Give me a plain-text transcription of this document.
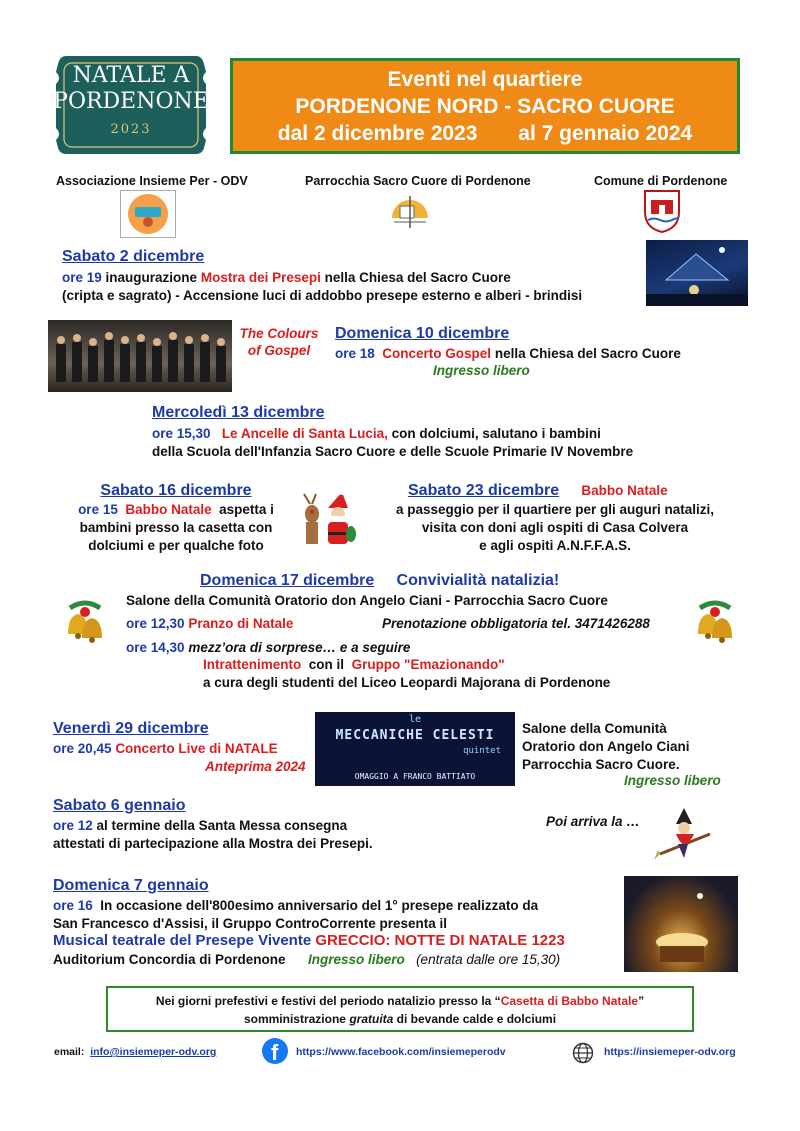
NATALE A
PORDENONE
2023
Eventi nel quartiere
PORDENONE NORD - SACRO CUORE
dal 2 dicembre 2023 al 7 gennaio 2024
Associazione Insieme Per - ODV	Parrocchia Sacro Cuore di Pordenone	Comune di Pordenone
Sabato 2 dicembre
ore 19 inaugurazione Mostra dei Presepi nella Chiesa del Sacro Cuore
(cripta e sagrato) - Accensione luci di addobbo presepe esterno e alberi - brindisi
The Colours of Gospel
Domenica 10 dicembre
ore 18 Concerto Gospel nella Chiesa del Sacro Cuore
Ingresso libero
Mercoledì 13 dicembre
ore 15,30 Le Ancelle di Santa Lucia, con dolciumi, salutano i bambini
della Scuola dell'Infanzia Sacro Cuore e delle Scuole Primarie IV Novembre
Sabato 16 dicembre
ore 15 Babbo Natale aspetta i
bambini presso la casetta con
dolciumi e per qualche foto
Sabato 23 dicembre Babbo Natale
a passeggio per il quartiere per gli auguri natalizi,
visita con doni agli ospiti di Casa Colvera
e agli ospiti A.N.F.F.A.S.
Domenica 17 dicembre Convivialità natalizia!
Salone della Comunità Oratorio don Angelo Ciani - Parrocchia Sacro Cuore
ore 12,30 Pranzo di Natale	Prenotazione obbligatoria tel. 3471426288
ore 14,30 mezz’ora di sorprese… e a seguire
Intrattenimento con il Gruppo "Emazionando"
a cura degli studenti del Liceo Leopardi Majorana di Pordenone
Venerdì 29 dicembre
ore 20,45 Concerto Live di NATALE
Anteprima 2024
le
MECCANICHE CELESTI
quintet
OMAGGIO A FRANCO BATTIATO
Salone della Comunità
Oratorio don Angelo Ciani
Parrocchia Sacro Cuore.
Ingresso libero
Sabato 6 gennaio
ore 12 al termine della Santa Messa consegna
attestati di partecipazione alla Mostra dei Presepi.
Poi arriva la …
Domenica 7 gennaio
ore 16 In occasione dell'800esimo anniversario del 1° presepe realizzato da
San Francesco d'Assisi, il Gruppo ControCorrente presenta il
Musical teatrale del Presepe Vivente GRECCIO: NOTTE DI NATALE 1223
Auditorium Concordia di Pordenone Ingresso libero (entrata dalle ore 15,30)
Nei giorni prefestivi e festivi del periodo natalizio presso la “Casetta di Babbo Natale”
somministrazione gratuita di bevande calde e dolciumi
email: info@insiemeper-odv.org f https://www.facebook.com/insiemeperodv	https://insiemeper-odv.org
